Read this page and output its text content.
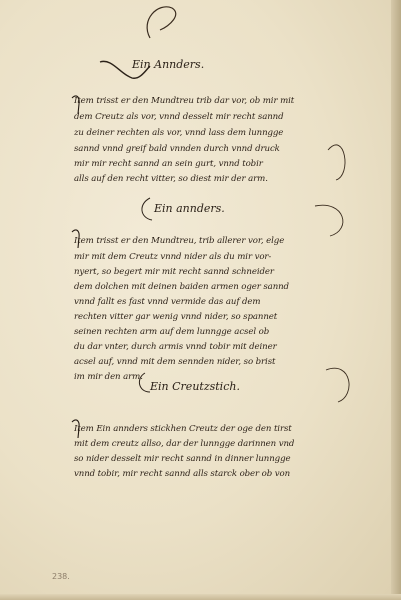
Ein Annders.
Item trisst er den Mundtreu trib dar vor, ob mir mit
dem Creutz als vor, vnnd desselt mir recht sannd
zu deiner rechten als vor, vnnd lass dem lunngge
sannd vnnd greif bald vnnden durch vnnd druck
mir mir recht sannd an sein gurt, vnnd tobir
alls auf den recht vitter, so diest mir der arm.
Ein annders.
Item trisst er den Mundtreu, trib allerer vor, elge
mir mit dem Creutz vnnd nider als du mir vor-
nyert, so begert mir mit recht sannd schneider
dem dolchen mit deinen baiden armen oger sannd
vnnd fallt es fast vnnd vermide das auf dem
rechten vitter gar wenig vnnd nider, so spannet
seinen rechten arm auf dem lunngge acsel ob
du dar vnter, durch armis vnnd tobir mit deiner
acsel auf, vnnd mit dem sennden nider, so brist
im mir den arm.
Ein Creutzstich.
Item Ein annders stickhen Creutz der oge den tirst
mit dem creutz allso, dar der lunngge darinnen vnd
so nider desselt mir recht sannd in dinner lunngge
vnnd tobir, mir recht sannd alls starck ober ob von
238.
